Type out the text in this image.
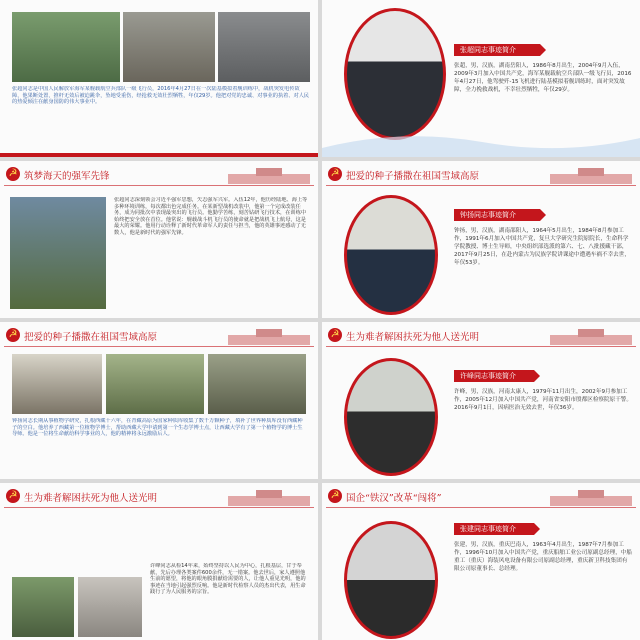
张超同志是中国人民解放军海军某舰载航空兵部队一级飞行员，2016年4月27日在一次陆基模拟着舰训练中，战机突发电传故障，他果断处置，推杆无效后被迫跳伞，坠地受重伤，经抢救无效壮烈牺牲，年仅29岁。他把对党的忠诚、对事业的执着、对人民的热爱倾注在献身国防的伟大事业中。
张超同志事迹简介
张超，男，汉族，湖南岳阳人，1986年8月出生，2004年9月入伍，2009年3月加入中国共产党，海军某舰载航空兵部队一级飞行员，2016年4月27日，他驾驶歼-15飞机进行陆基模拟着舰训练时，面对突发故障，全力挽救战机，不幸壮烈牺牲，年仅29岁。
☭ 筑梦海天的强军先锋
张超同志深刻领会习近平强军思想，矢志强军兴军。入伍12年，他历经陆地、海上等多种环境训练，每次都出色完成任务。在某新型战机改装中，他第一个完成改装任务，成为同批次中表现最突出的飞行员。他勤学苦练，刻苦钻研飞行技术，在训练中始终把安全放在首位。他常说：舰载战斗机飞行员的使命就是把战机飞上航母，这是最大的荣耀。他用行动诠释了新时代革命军人的责任与担当，他的英雄事迹感动了无数人，他是新时代的强军先锋。
☭ 把爱的种子播撒在祖国雪域高原
钟扬同志事迹简介
钟扬，男，汉族，湖南邵阳人，1964年5月出生，1984年8月参加工作，1991年6月加入中国共产党，复旦大学研究生院原院长，生命科学学院教授、博士生导师，中央组织部选派的第六、七、八批援藏干部，2017年9月25日，在赴内蒙古为民族学院讲课途中遭遇车祸不幸去世，年仅53岁。
☭ 把爱的种子播撒在祖国雪域高原
钟扬同志长期从事植物学研究，扎根西藏十六年，在青藏高原为国家种质库收集了数千万颗种子，填补了世界种质库没有西藏种子的空白。他培养了西藏第一位植物学博士，帮助西藏大学申请到第一个生态学博士点，让西藏大学有了第一个植物学的博士生导师。他是一位将生命献给科学事业的人，他的精神将永远激励后人。
☭ 生为难者解困扶死为他人送光明
许峰同志事迹简介
许峰，男，汉族，河南太康人，1979年11月出生，2002年9月参加工作，2005年12月加入中国共产党，河南省安阳市殷都区检察院原干警。2016年9月1日，因病医治无效去世，年仅36岁。
☭ 生为难者解困扶死为他人送光明
许峰同志从检14年来，始终坚持以人民为中心，扎根基层，甘于奉献，先后办理各类案件600余件，无一错案。他去世后，家人遵照他生前的愿望，将他的眼角膜捐献给需要的人，让他人重见光明，他的事迹在当地引起强烈反响。他是新时代检察人员的杰出代表，用生命践行了为人民服务的宗旨。
☭ 国企“铁汉”改革“闯将”
张建同志事迹简介
张建，男，汉族，重庆巴南人，1963年4月出生，1987年7月参加工作，1996年10月加入中国共产党，重庆船舶工业公司原副总经理，中船重工（重庆）海装风电设备有限公司原副总经理，重庆新卫科技集团有限公司原董事长、总经理。
